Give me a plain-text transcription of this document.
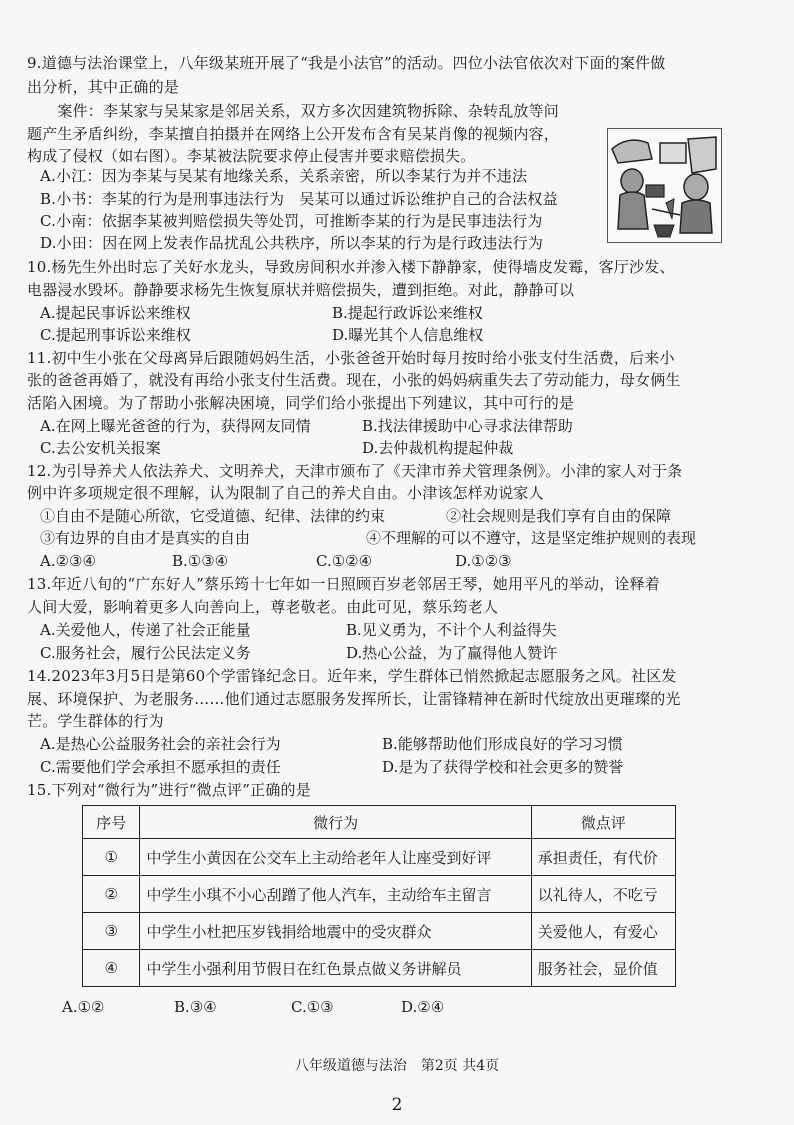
9.道德与法治课堂上，八年级某班开展了“我是小法官”的活动。四位小法官依次对下面的案件做
出分析，其中正确的是
　　案件：李某家与吴某家是邻居关系，双方多次因建筑物拆除、杂转乱放等问
题产生矛盾纠纷，李某擅自拍摄并在网络上公开发布含有吴某肖像的视频内容，
构成了侵权（如右图）。李某被法院要求停止侵害并要求赔偿损失。
A.小江：因为李某与吴某有地缘关系，关系亲密，所以李某行为并不违法
B.小书：李某的行为是刑事违法行为　吴某可以通过诉讼维护自己的合法权益
C.小南：依据李某被判赔偿损失等处罚，可推断李某的行为是民事违法行为
D.小田：因在网上发表作品扰乱公共秩序，所以李某的行为是行政违法行为
10.杨先生外出时忘了关好水龙头，导致房间积水并渗入楼下静静家，使得墙皮发霉，客厅沙发、
电器浸水毁坏。静静要求杨先生恢复原状并赔偿损失，遭到拒绝。对此，静静可以
A.提起民事诉讼来维权	B.提起行政诉讼来维权
C.提起刑事诉讼来维权	D.曝光其个人信息维权
11.初中生小张在父母离异后跟随妈妈生活，小张爸爸开始时每月按时给小张支付生活费，后来小
张的爸爸再婚了，就没有再给小张支付生活费。现在，小张的妈妈病重失去了劳动能力，母女俩生
活陷入困境。为了帮助小张解决困境，同学们给小张提出下列建议，其中可行的是
A.在网上曝光爸爸的行为，获得网友同情	B.找法律援助中心寻求法律帮助
C.去公安机关报案	D.去仲裁机构提起仲裁
12.为引导养犬人依法养犬、文明养犬，天津市颁布了《天津市养犬管理条例》。小津的家人对于条
例中许多项规定很不理解，认为限制了自己的养犬自由。小津该怎样劝说家人
①自由不是随心所欲，它受道德、纪律、法律的约束	②社会规则是我们享有自由的保障
③有边界的自由才是真实的自由	④不理解的可以不遵守，这是坚定维护规则的表现
A.②③④	B.①③④	C.①②④	D.①②③
13.年近八旬的“广东好人”蔡乐筠十七年如一日照顾百岁老邻居王琴，她用平凡的举动，诠释着
人间大爱，影响着更多人向善向上，尊老敬老。由此可见，蔡乐筠老人
A.关爱他人，传递了社会正能量	B.见义勇为，不计个人利益得失
C.服务社会，履行公民法定义务	D.热心公益，为了赢得他人赞许
14.2023年3月5日是第60个学雷锋纪念日。近年来，学生群体已悄然掀起志愿服务之风。社区发
展、环境保护、为老服务……他们通过志愿服务发挥所长，让雷锋精神在新时代绽放出更璀璨的光
芒。学生群体的行为
A.是热心公益服务社会的亲社会行为	B.能够帮助他们形成良好的学习习惯
C.需要他们学会承担不愿承担的责任	D.是为了获得学校和社会更多的赞誉
15.下列对“微行为”进行“微点评”正确的是
序号	微行为	微点评
①	中学生小黄因在公交车上主动给老年人让座受到好评	承担责任，有代价
②	中学生小琪不小心刮蹭了他人汽车，主动给车主留言	以礼待人，不吃亏
③	中学生小杜把压岁钱捐给地震中的受灾群众	关爱他人，有爱心
④	中学生小强利用节假日在红色景点做义务讲解员	服务社会，显价值
A.①②	B.③④	C.①③	D.②④
八年级道德与法治　第2页 共4页
2
